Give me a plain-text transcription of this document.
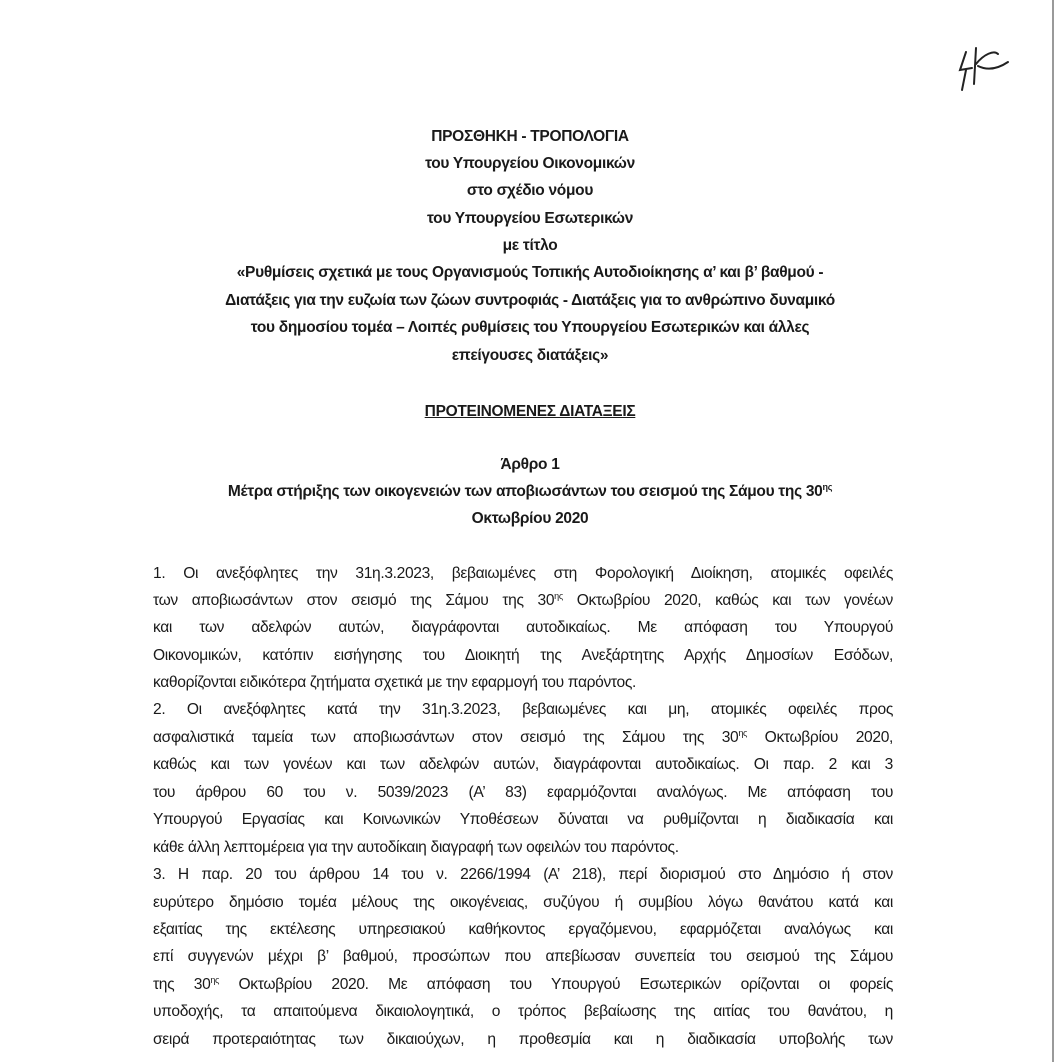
ΠΡΟΣΘΗΚΗ - ΤΡΟΠΟΛΟΓΙΑ
του Υπουργείου Οικονομικών
στο σχέδιο νόμου
του Υπουργείου Εσωτερικών
με τίτλο
«Ρυθμίσεις σχετικά με τους Οργανισμούς Τοπικής Αυτοδιοίκησης α’ και β’ βαθμού -
Διατάξεις για την ευζωία των ζώων συντροφιάς - Διατάξεις για το ανθρώπινο δυναμικό
του δημοσίου τομέα – Λοιπές ρυθμίσεις του Υπουργείου Εσωτερικών και άλλες
επείγουσες διατάξεις»
ΠΡΟΤΕΙΝΟΜΕΝΕΣ ΔΙΑΤΑΞΕΙΣ
Άρθρο 1
Μέτρα στήριξης των οικογενειών των αποβιωσάντων του σεισμού της Σάμου της $30^{\eta\varsigma}$
Οκτωβρίου 2020
1. Οι ανεξόφλητες την 31η.3.2023, βεβαιωμένες στη Φορολογική Διοίκηση, ατομικές οφειλές
των αποβιωσάντων στον σεισμό της Σάμου της $30^{\eta\varsigma}$ Οκτωβρίου 2020, καθώς και των γονέων
και των αδελφών αυτών, διαγράφονται αυτοδικαίως. Με απόφαση του Υπουργού
Οικονομικών, κατόπιν εισήγησης του Διοικητή της Ανεξάρτητης Αρχής Δημοσίων Εσόδων,
καθορίζονται ειδικότερα ζητήματα σχετικά με την εφαρμογή του παρόντος.
2. Οι ανεξόφλητες κατά την 31η.3.2023, βεβαιωμένες και μη, ατομικές οφειλές προς
ασφαλιστικά ταμεία των αποβιωσάντων στον σεισμό της Σάμου της $30^{\eta\varsigma}$ Οκτωβρίου 2020,
καθώς και των γονέων και των αδελφών αυτών, διαγράφονται αυτοδικαίως. Οι παρ. 2 και 3
του άρθρου 60 του ν. 5039/2023 (Α’ 83) εφαρμόζονται αναλόγως. Με απόφαση του
Υπουργού Εργασίας και Κοινωνικών Υποθέσεων δύναται να ρυθμίζονται η διαδικασία και
κάθε άλλη λεπτομέρεια για την αυτοδίκαιη διαγραφή των οφειλών του παρόντος.
3. Η παρ. 20 του άρθρου 14 του ν. 2266/1994 (Α’ 218), περί διορισμού στο Δημόσιο ή στον
ευρύτερο δημόσιο τομέα μέλους της οικογένειας, συζύγου ή συμβίου λόγω θανάτου κατά και
εξαιτίας της εκτέλεσης υπηρεσιακού καθήκοντος εργαζόμενου, εφαρμόζεται αναλόγως και
επί συγγενών μέχρι β’ βαθμού, προσώπων που απεβίωσαν συνεπεία του σεισμού της Σάμου
της $30^{\eta\varsigma}$ Οκτωβρίου 2020. Με απόφαση του Υπουργού Εσωτερικών ορίζονται οι φορείς
υποδοχής, τα απαιτούμενα δικαιολογητικά, ο τρόπος βεβαίωσης της αιτίας του θανάτου, η
σειρά προτεραιότητας των δικαιούχων, η προθεσμία και η διαδικασία υποβολής των
